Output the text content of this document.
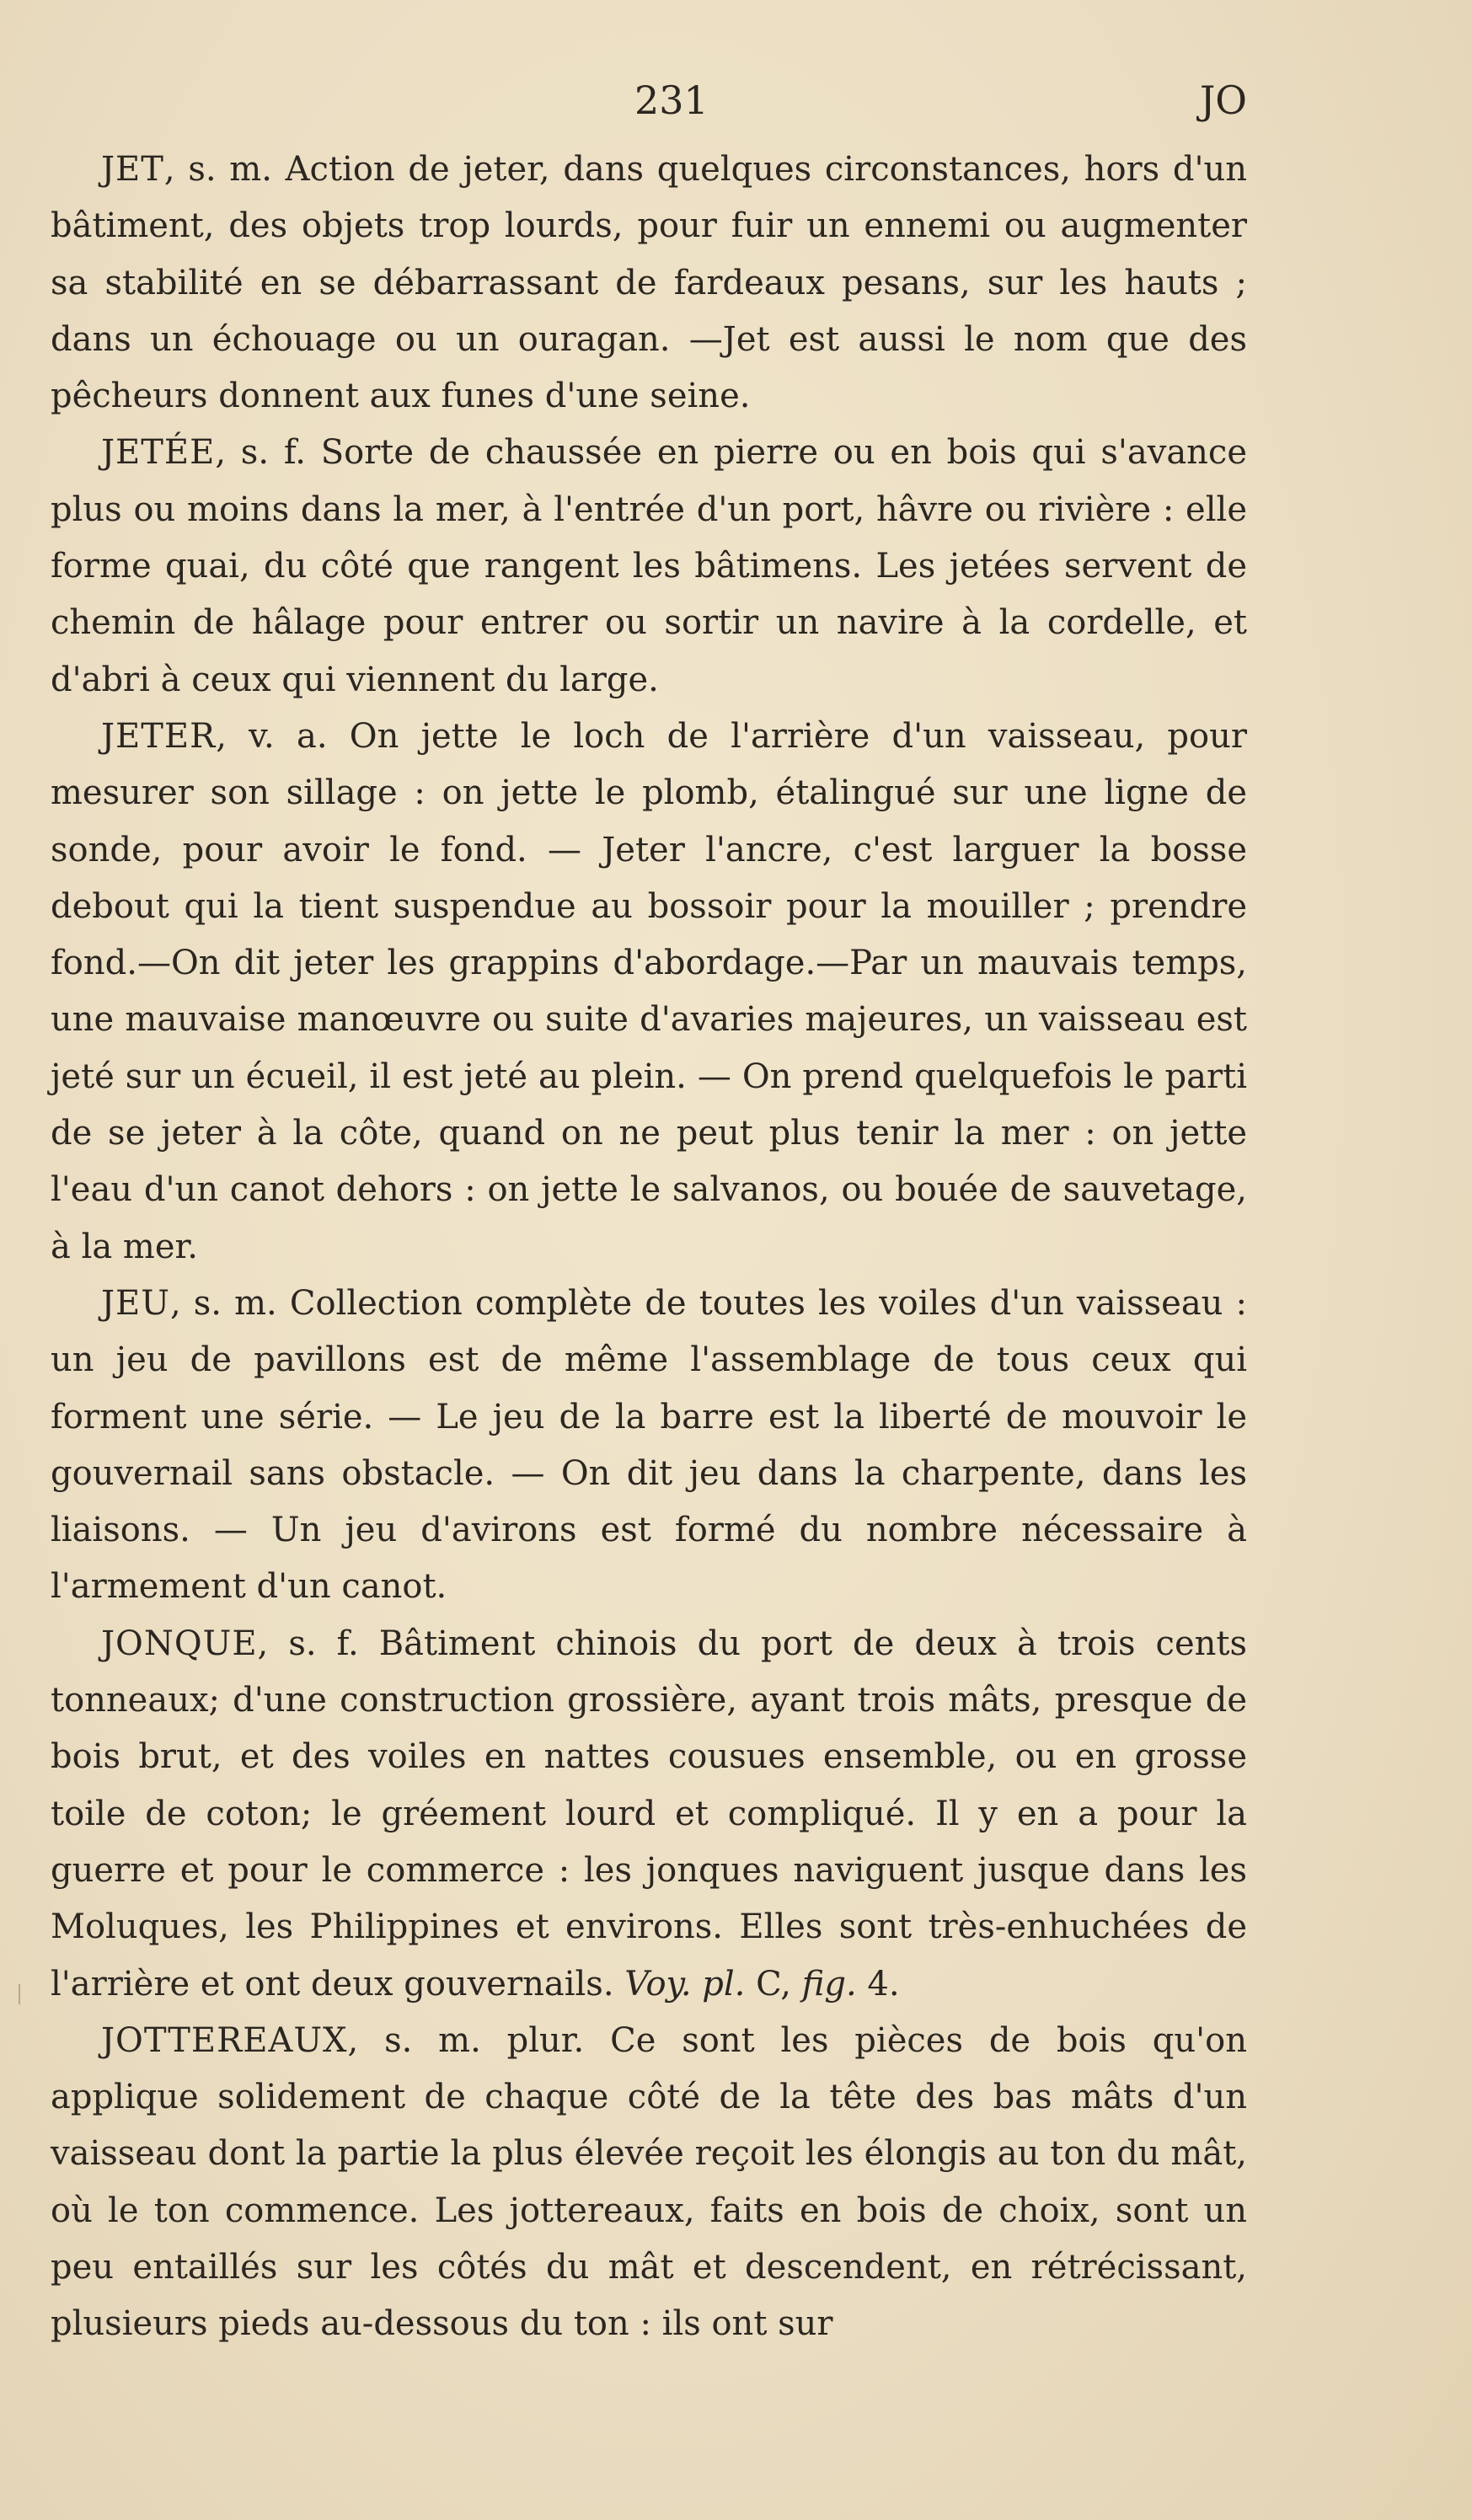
231	JO

JET, s. m. Action de jeter, dans quelques circonstances, hors d'un bâtiment, des objets trop lourds, pour fuir un ennemi ou augmenter sa stabilité en se débarrassant de fardeaux pesans, sur les hauts ; dans un échouage ou un ouragan. —Jet est aussi le nom que des pêcheurs donnent aux funes d'une seine.

JETÉE, s. f. Sorte de chaussée en pierre ou en bois qui s'avance plus ou moins dans la mer, à l'entrée d'un port, hâvre ou rivière : elle forme quai, du côté que rangent les bâtimens. Les jetées servent de chemin de hâlage pour entrer ou sortir un navire à la cordelle, et d'abri à ceux qui viennent du large.

JETER, v. a. On jette le loch de l'arrière d'un vaisseau, pour mesurer son sillage : on jette le plomb, étalingué sur une ligne de sonde, pour avoir le fond. — Jeter l'ancre, c'est larguer la bosse debout qui la tient suspendue au bossoir pour la mouiller ; prendre fond.—On dit jeter les grappins d'abordage.—Par un mauvais temps, une mauvaise manœuvre ou suite d'avaries majeures, un vaisseau est jeté sur un écueil, il est jeté au plein. — On prend quelquefois le parti de se jeter à la côte, quand on ne peut plus tenir la mer : on jette l'eau d'un canot dehors : on jette le salvanos, ou bouée de sauvetage, à la mer.

JEU, s. m. Collection complète de toutes les voiles d'un vaisseau : un jeu de pavillons est de même l'assemblage de tous ceux qui forment une série. — Le jeu de la barre est la liberté de mouvoir le gouvernail sans obstacle. — On dit jeu dans la charpente, dans les liaisons. — Un jeu d'avirons est formé du nombre nécessaire à l'armement d'un canot.

JONQUE, s. f. Bâtiment chinois du port de deux à trois cents tonneaux; d'une construction grossière, ayant trois mâts, presque de bois brut, et des voiles en nattes cousues ensemble, ou en grosse toile de coton; le gréement lourd et compliqué. Il y en a pour la guerre et pour le commerce : les jonques naviguent jusque dans les Moluques, les Philippines et environs. Elles sont très-enhuchées de l'arrière et ont deux gouvernails. Voy. pl. C, fig. 4.

JOTTEREAUX, s. m. plur. Ce sont les pièces de bois qu'on applique solidement de chaque côté de la tête des bas mâts d'un vaisseau dont la partie la plus élevée reçoit les élongis au ton du mât, où le ton commence. Les jottereaux, faits en bois de choix, sont un peu entaillés sur les côtés du mât et descendent, en rétrécissant, plusieurs pieds au-dessous du ton : ils ont sur
